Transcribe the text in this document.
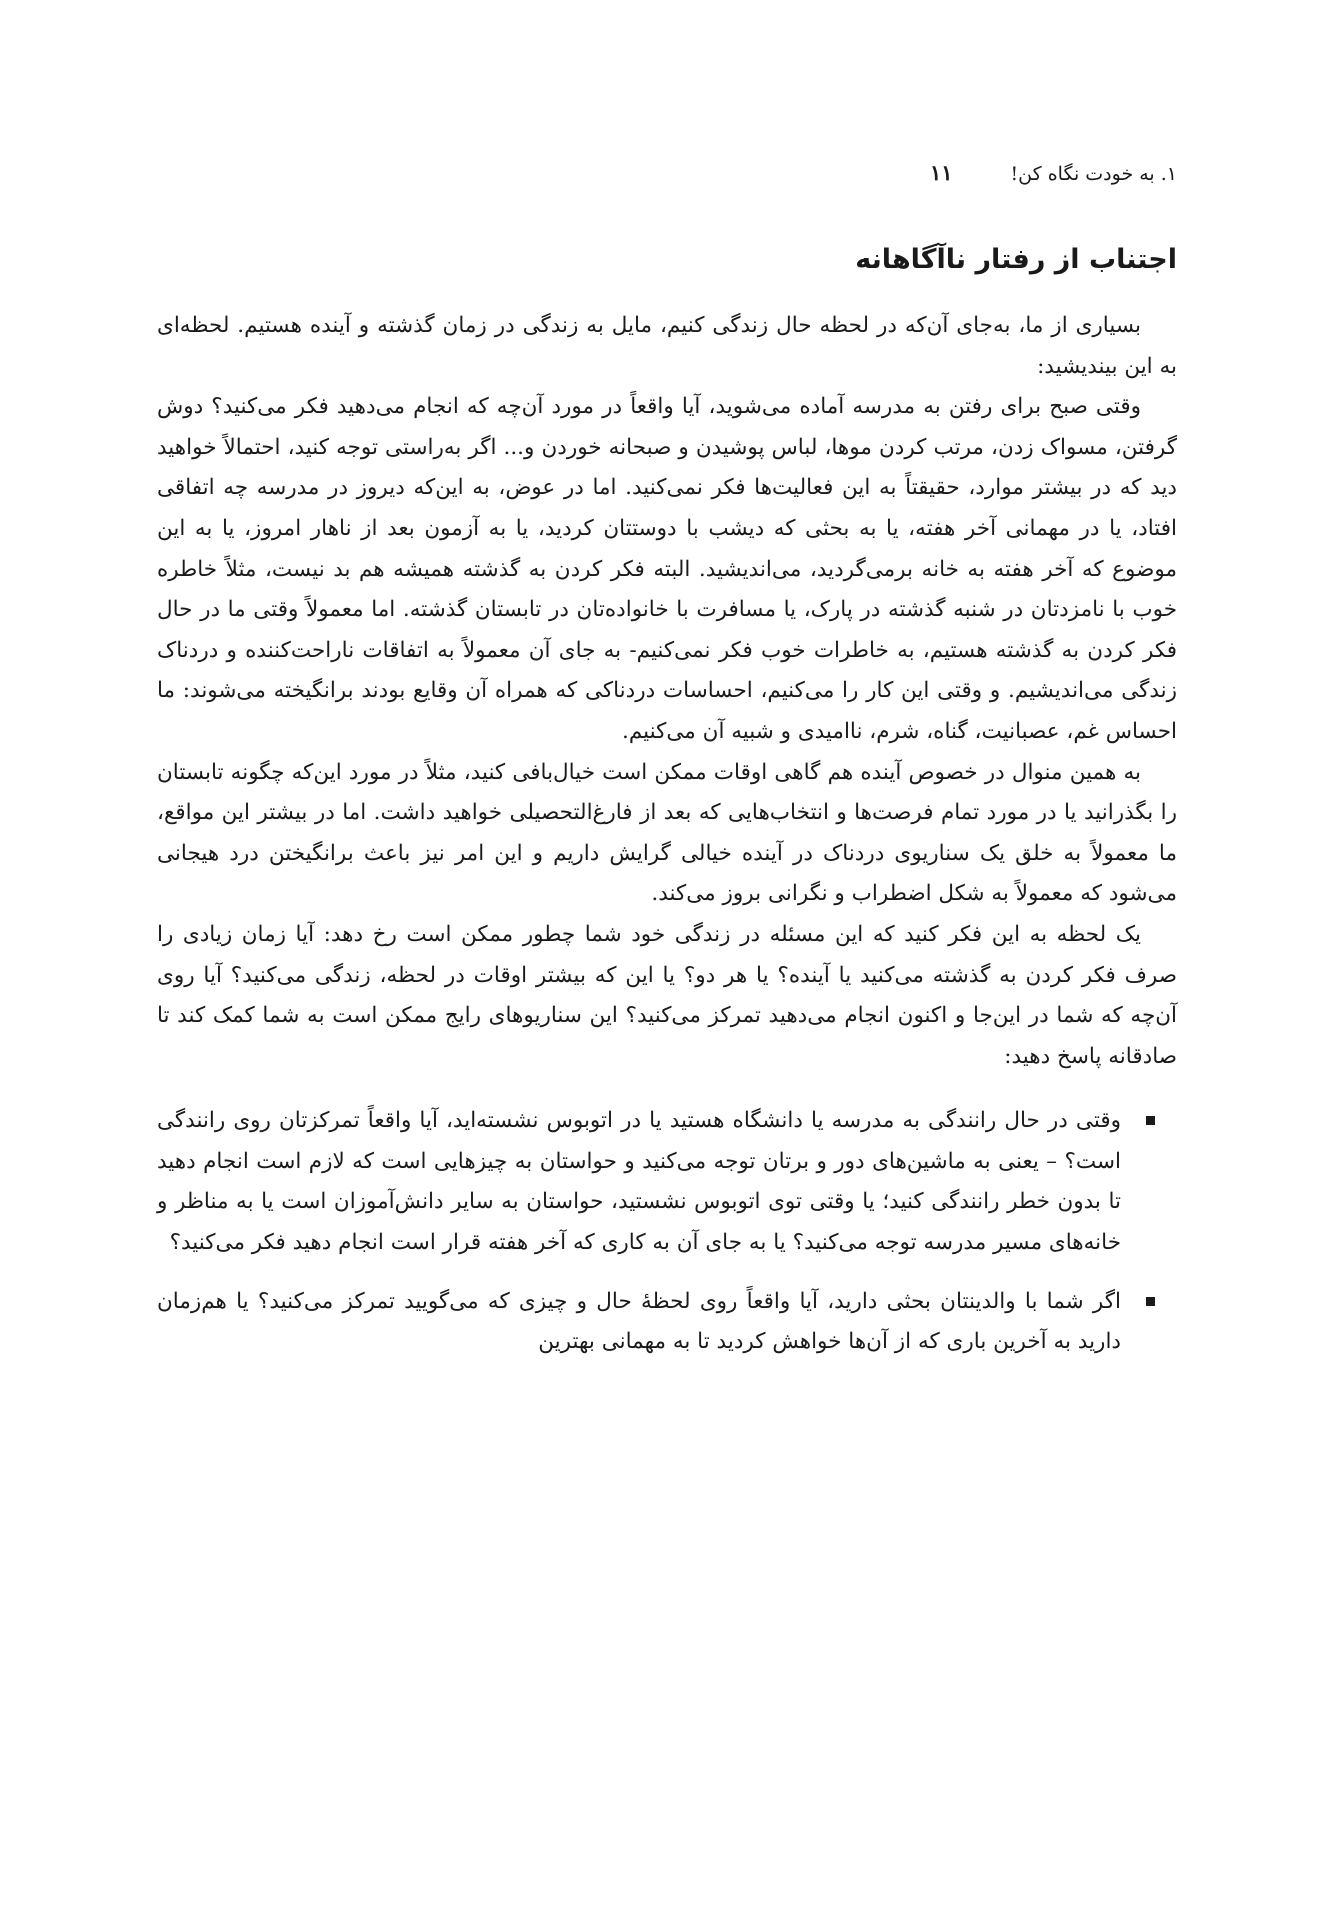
۱. به خودت نگاه کن!
۱۱
اجتناب از رفتار ناآگاهانه

بسیاری از ما، به‌جای آن‌که در لحظه حال زندگی کنیم، مایل به زندگی در زمان گذشته و آینده هستیم. لحظه‌ای به این بیندیشید:

وقتی صبح برای رفتن به مدرسه آماده می‌شوید، آیا واقعاً در مورد آن‌چه که انجام می‌دهید فکر می‌کنید؟ دوش گرفتن، مسواک زدن، مرتب کردن موها، لباس پوشیدن و صبحانه خوردن و... اگر به‌راستی توجه کنید، احتمالاً خواهید دید که در بیشتر موارد، حقیقتاً به این فعالیت‌ها فکر نمی‌کنید. اما در عوض، به این‌که دیروز در مدرسه چه اتفاقی افتاد، یا در مهمانی آخر هفته، یا به بحثی که دیشب با دوستتان کردید، یا به آزمون بعد از ناهار امروز، یا به این موضوع که آخر هفته به خانه برمی‌گردید، می‌اندیشید. البته فکر کردن به گذشته همیشه هم بد نیست، مثلاً خاطره خوب با نامزدتان در شنبه گذشته در پارک، یا مسافرت با خانواده‌تان در تابستان گذشته. اما معمولاً وقتی ما در حال فکر کردن به گذشته هستیم، به خاطرات خوب فکر نمی‌کنیم- به جای آن معمولاً به اتفاقات ناراحت‌کننده و دردناک زندگی می‌اندیشیم. و وقتی این کار را می‌کنیم، احساسات دردناکی که همراه آن وقایع بودند برانگیخته می‌شوند: ما احساس غم، عصبانیت، گناه، شرم، ناامیدی و شبیه آن می‌کنیم.

به همین منوال در خصوص آینده هم گاهی اوقات ممکن است خیال‌بافی کنید، مثلاً در مورد این‌که چگونه تابستان را بگذرانید یا در مورد تمام فرصت‌ها و انتخاب‌هایی که بعد از فارغ‌التحصیلی خواهید داشت. اما در بیشتر این مواقع، ما معمولاً به خلق یک سناریوی دردناک در آینده خیالی گرایش داریم و این امر نیز باعث برانگیختن درد هیجانی می‌شود که معمولاً به شکل اضطراب و نگرانی بروز می‌کند.

یک لحظه به این فکر کنید که این مسئله در زندگی خود شما چطور ممکن است رخ دهد: آیا زمان زیادی را صرف فکر کردن به گذشته می‌کنید یا آینده؟ یا هر دو؟ یا این که بیشتر اوقات در لحظه، زندگی می‌کنید؟ آیا روی آن‌چه که شما در این‌جا و اکنون انجام می‌دهید تمرکز می‌کنید؟ این سناریوهای رایج ممکن است به شما کمک کند تا صادقانه پاسخ دهید:

وقتی در حال رانندگی به مدرسه یا دانشگاه هستید یا در اتوبوس نشسته‌اید، آیا واقعاً تمرکزتان روی رانندگی است؟ – یعنی به ماشین‌های دور و برتان توجه می‌کنید و حواستان به چیزهایی است که لازم است انجام دهید تا بدون خطر رانندگی کنید؛ یا وقتی توی اتوبوس نشستید، حواستان به سایر دانش‌آموزان است یا به مناظر و خانه‌های مسیر مدرسه توجه می‌کنید؟ یا به جای آن به کاری که آخر هفته قرار است انجام دهید فکر می‌کنید؟
اگر شما با والدینتان بحثی دارید، آیا واقعاً روی لحظهٔ حال و چیزی که می‌گویید تمرکز می‌کنید؟ یا هم‌زمان دارید به آخرین باری که از آن‌ها خواهش کردید تا به مهمانی بهترین
